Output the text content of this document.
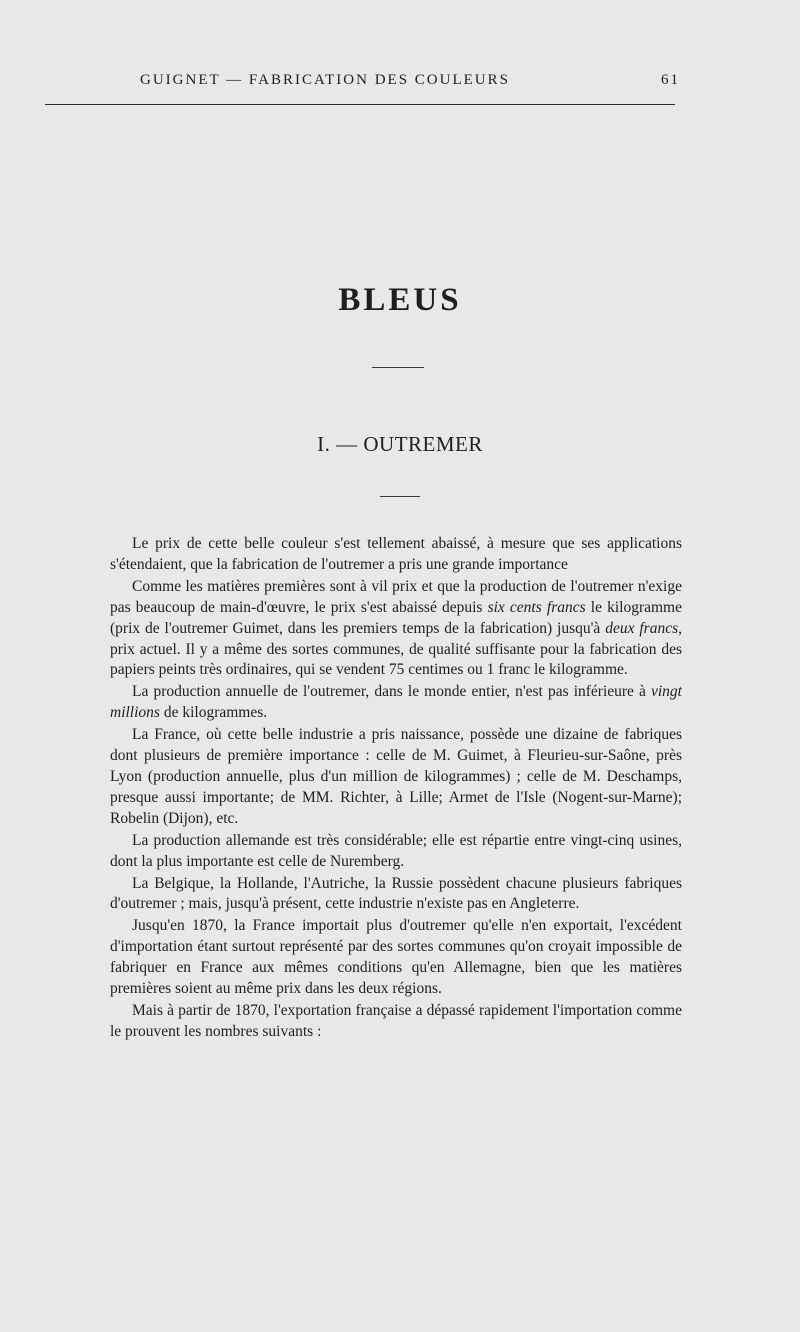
GUIGNET — FABRICATION DES COULEURS	61
BLEUS
I. — OUTREMER

Le prix de cette belle couleur s'est tellement abaissé, à mesure que ses applications s'étendaient, que la fabrication de l'outremer a pris une grande importance

Comme les matières premières sont à vil prix et que la production de l'outremer n'exige pas beaucoup de main-d'œuvre, le prix s'est abaissé depuis six cents francs le kilogramme (prix de l'outremer Guimet, dans les premiers temps de la fabrication) jusqu'à deux francs, prix actuel. Il y a même des sortes communes, de qualité suffisante pour la fabrication des papiers peints très ordinaires, qui se vendent 75 centimes ou 1 franc le kilogramme.

La production annuelle de l'outremer, dans le monde entier, n'est pas inférieure à vingt millions de kilogrammes.

La France, où cette belle industrie a pris naissance, possède une dizaine de fabriques dont plusieurs de première importance : celle de M. Guimet, à Fleurieu-sur-Saône, près Lyon (production annuelle, plus d'un million de kilogrammes) ; celle de M. Deschamps, presque aussi importante; de MM. Richter, à Lille; Armet de l'Isle (Nogent-sur-Marne); Robelin (Dijon), etc.

La production allemande est très considérable; elle est répartie entre vingt-cinq usines, dont la plus importante est celle de Nuremberg.

La Belgique, la Hollande, l'Autriche, la Russie possèdent chacune plusieurs fabriques d'outremer ; mais, jusqu'à présent, cette industrie n'existe pas en Angleterre.

Jusqu'en 1870, la France importait plus d'outremer qu'elle n'en exportait, l'excédent d'importation étant surtout représenté par des sortes communes qu'on croyait impossible de fabriquer en France aux mêmes conditions qu'en Allemagne, bien que les matières premières soient au même prix dans les deux régions.

Mais à partir de 1870, l'exportation française a dépassé rapidement l'importation comme le prouvent les nombres suivants :
